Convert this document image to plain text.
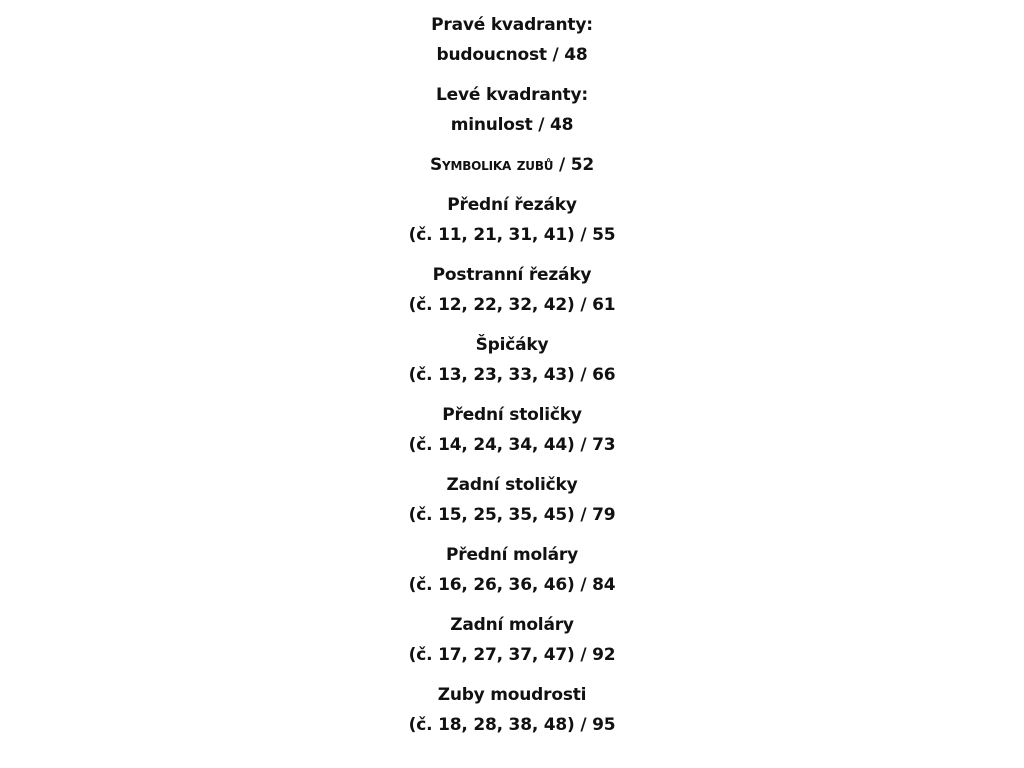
Pravé kvadranty:
budoucnost / 48
Levé kvadranty:
minulost / 48
Symbolika zubů / 52
Přední řezáky
(č. 11, 21, 31, 41) / 55
Postranní řezáky
(č. 12, 22, 32, 42) / 61
Špičáky
(č. 13, 23, 33, 43) / 66
Přední stoličky
(č. 14, 24, 34, 44) / 73
Zadní stoličky
(č. 15, 25, 35, 45) / 79
Přední moláry
(č. 16, 26, 36, 46) / 84
Zadní moláry
(č. 17, 27, 37, 47) / 92
Zuby moudrosti
(č. 18, 28, 38, 48) / 95
